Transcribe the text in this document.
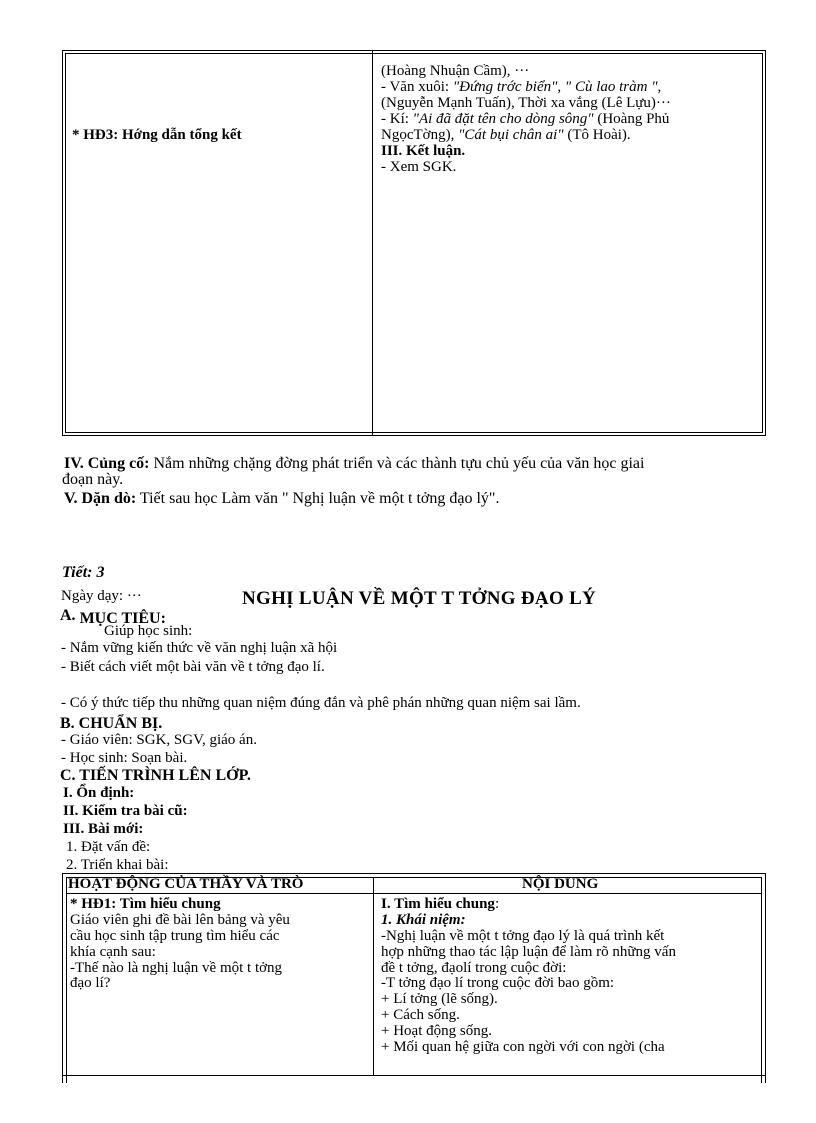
* HĐ3: Hớng dẫn tổng kết
(Hoàng Nhuận Cầm), ···
- Văn xuôi: "Đứng trớc biển", " Cù lao tràm ",
(Nguyễn Mạnh Tuấn), Thời xa vắng (Lê Lựu)···
- Kí: "Ai đã đặt tên cho dòng sông" (Hoàng Phủ
NgọcTờng), "Cát bụi chân ai" (Tô Hoài).
III. Kết luận.
- Xem SGK.
IV. Củng cố: Nắm những chặng đờng phát triển và các thành tựu chủ yếu của văn học giai
đoạn này.
V. Dặn dò: Tiết sau học Làm văn " Nghị luận về một t tởng đạo lý".
Tiết: 3
Ngày dạy: ···	NGHỊ LUẬN VỀ MỘT T TỞNG ĐẠO LÝ
A. MỤC TIÊU:
Giúp học sinh:
- Nắm vững kiến thức về văn nghị luận xã hội
- Biết cách viết một bài văn về t tởng đạo lí.
- Có ý thức tiếp thu những quan niệm đúng đắn và phê phán những quan niệm sai lầm.
B. CHUẨN BỊ.
- Giáo viên: SGK, SGV, giáo án.
- Học sinh: Soạn bài.
C. TIẾN TRÌNH LÊN LỚP.
I. Ổn định:
II. Kiểm tra bài cũ:
III. Bài mới:
1. Đặt vấn đề:
2. Triển khai bài:
HOẠT ĐỘNG CỦA THẦY VÀ TRÒ	NỘI DUNG
* HĐ1: Tìm hiểu chung
Giáo viên ghi đề bài lên bảng và yêu
cầu học sinh tập trung tìm hiểu các
khía cạnh sau:
-Thế nào là nghị luận về một t tởng
đạo lí?
I. Tìm hiểu chung:
1. Khái niệm:
-Nghị luận về một t tởng đạo lý là quá trình kết
hợp những thao tác lập luận để làm rõ những vấn
đề t tởng, đạolí trong cuộc đời:
-T tởng đạo lí trong cuộc đời bao gồm:
+ Lí tởng (lẽ sống).
+ Cách sống.
+ Hoạt động sống.
+ Mối quan hệ giữa con ngời với con ngời (cha
